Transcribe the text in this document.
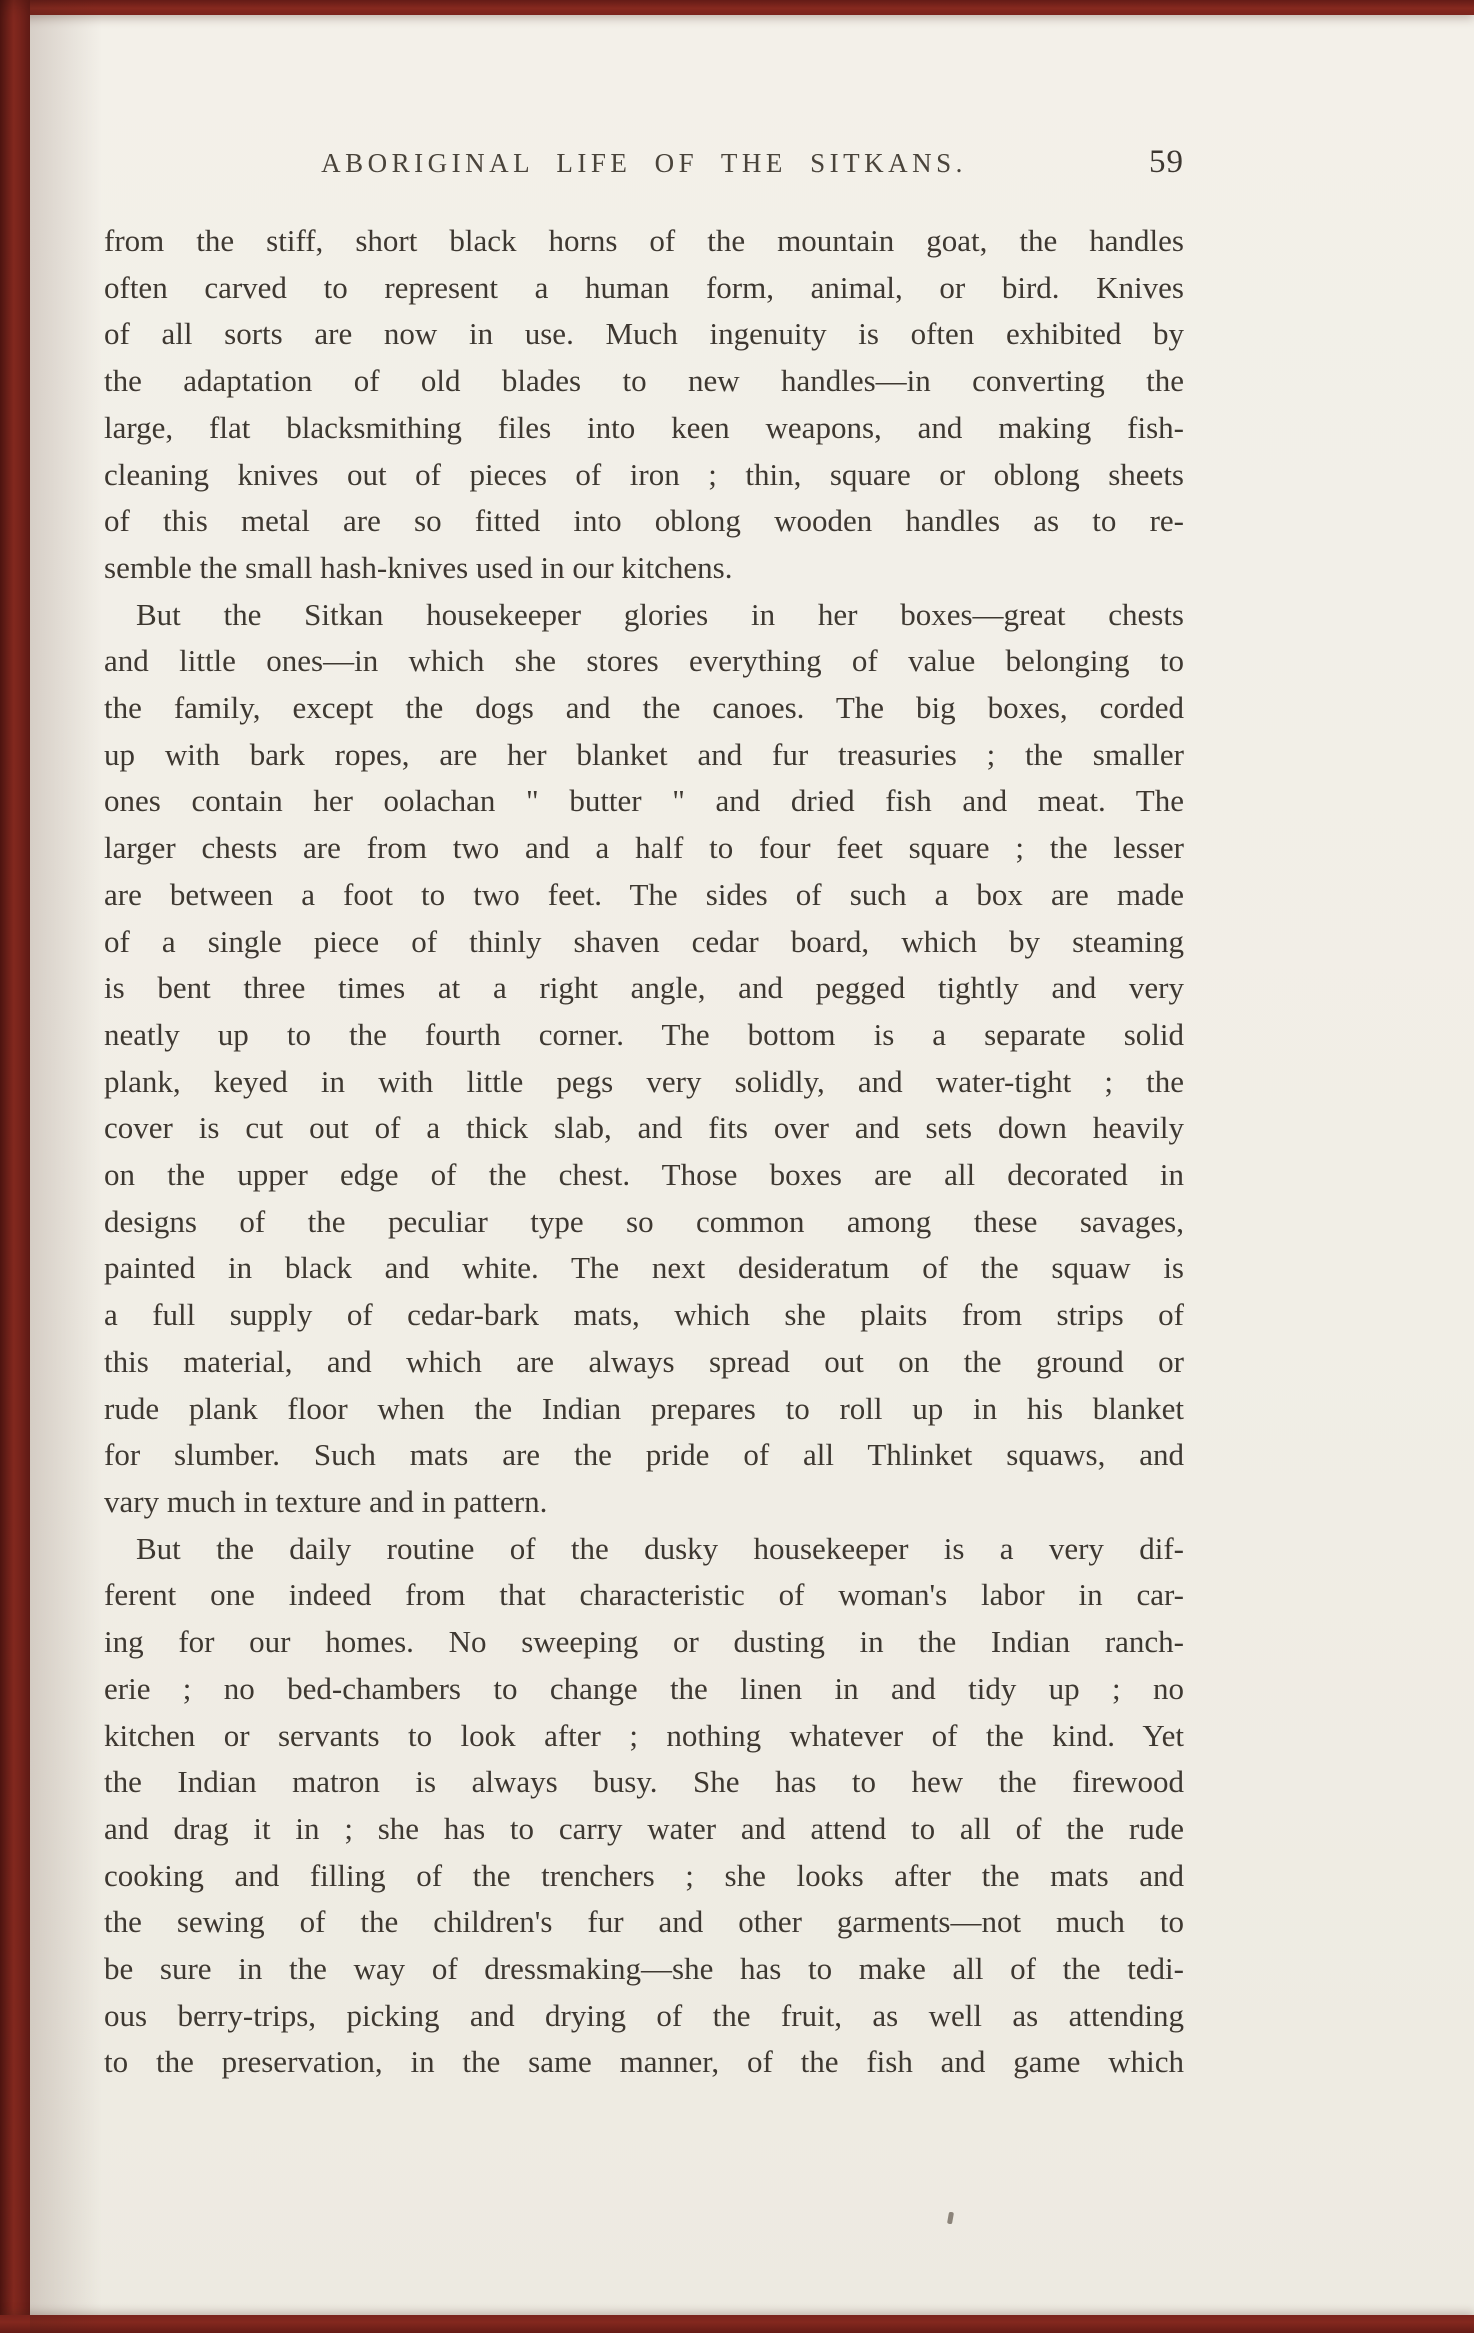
ABORIGINAL LIFE OF THE SITKANS.	59
from the stiff, short black horns of the mountain goat, the handles
often carved to represent a human form, animal, or bird. Knives
of all sorts are now in use. Much ingenuity is often exhibited by
the adaptation of old blades to new handles—in converting the
large, flat blacksmithing files into keen weapons, and making fish-
cleaning knives out of pieces of iron ; thin, square or oblong sheets
of this metal are so fitted into oblong wooden handles as to re-
semble the small hash-knives used in our kitchens.
But the Sitkan housekeeper glories in her boxes—great chests
and little ones—in which she stores everything of value belonging to
the family, except the dogs and the canoes. The big boxes, corded
up with bark ropes, are her blanket and fur treasuries ; the smaller
ones contain her oolachan " butter " and dried fish and meat. The
larger chests are from two and a half to four feet square ; the lesser
are between a foot to two feet. The sides of such a box are made
of a single piece of thinly shaven cedar board, which by steaming
is bent three times at a right angle, and pegged tightly and very
neatly up to the fourth corner. The bottom is a separate solid
plank, keyed in with little pegs very solidly, and water-tight ; the
cover is cut out of a thick slab, and fits over and sets down heavily
on the upper edge of the chest. Those boxes are all decorated in
designs of the peculiar type so common among these savages,
painted in black and white. The next desideratum of the squaw is
a full supply of cedar-bark mats, which she plaits from strips of
this material, and which are always spread out on the ground or
rude plank floor when the Indian prepares to roll up in his blanket
for slumber. Such mats are the pride of all Thlinket squaws, and
vary much in texture and in pattern.
But the daily routine of the dusky housekeeper is a very dif-
ferent one indeed from that characteristic of woman's labor in car-
ing for our homes. No sweeping or dusting in the Indian ranch-
erie ; no bed-chambers to change the linen in and tidy up ; no
kitchen or servants to look after ; nothing whatever of the kind. Yet
the Indian matron is always busy. She has to hew the firewood
and drag it in ; she has to carry water and attend to all of the rude
cooking and filling of the trenchers ; she looks after the mats and
the sewing of the children's fur and other garments—not much to
be sure in the way of dressmaking—she has to make all of the tedi-
ous berry-trips, picking and drying of the fruit, as well as attending
to the preservation, in the same manner, of the fish and game which
